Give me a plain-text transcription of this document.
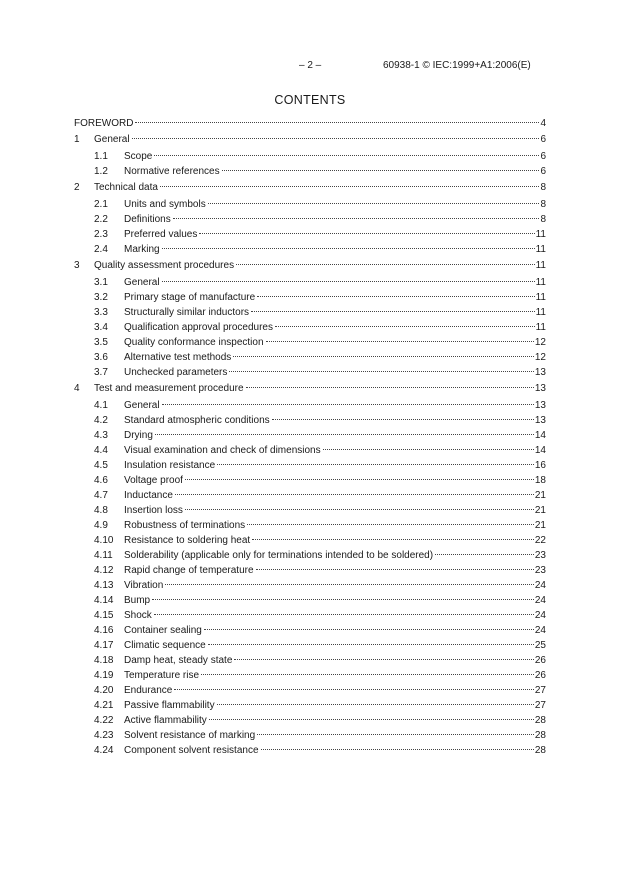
– 2 –	60938-1 © IEC:1999+A1:2006(E)
CONTENTS
FOREWORD	4
1 General	6
1.1 Scope	6
1.2 Normative references	6
2 Technical data	8
2.1 Units and symbols	8
2.2 Definitions	8
2.3 Preferred values	11
2.4 Marking	11
3 Quality assessment procedures	11
3.1 General	11
3.2 Primary stage of manufacture	11
3.3 Structurally similar inductors	11
3.4 Qualification approval procedures	11
3.5 Quality conformance inspection	12
3.6 Alternative test methods	12
3.7 Unchecked parameters	13
4 Test and measurement procedure	13
4.1 General	13
4.2 Standard atmospheric conditions	13
4.3 Drying	14
4.4 Visual examination and check of dimensions	14
4.5 Insulation resistance	16
4.6 Voltage proof	18
4.7 Inductance	21
4.8 Insertion loss	21
4.9 Robustness of terminations	21
4.10 Resistance to soldering heat	22
4.11 Solderability (applicable only for terminations intended to be soldered)	23
4.12 Rapid change of temperature	23
4.13 Vibration	24
4.14 Bump	24
4.15 Shock	24
4.16 Container sealing	24
4.17 Climatic sequence	25
4.18 Damp heat, steady state	26
4.19 Temperature rise	26
4.20 Endurance	27
4.21 Passive flammability	27
4.22 Active flammability	28
4.23 Solvent resistance of marking	28
4.24 Component solvent resistance	28
